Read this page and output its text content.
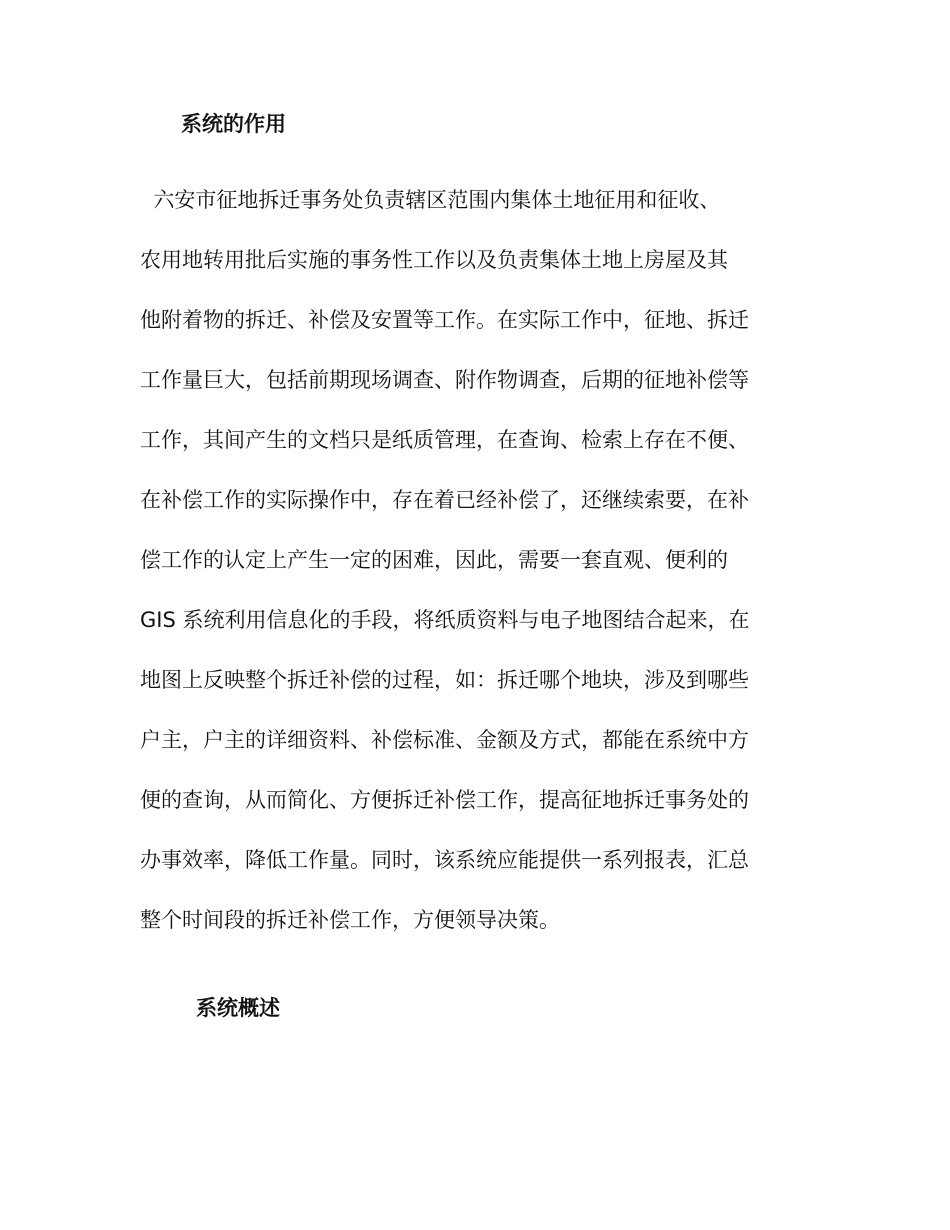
系统的作用
六安市征地拆迁事务处负责辖区范围内集体土地征用和征收、
农用地转用批后实施的事务性工作以及负责集体土地上房屋及其
他附着物的拆迁、补偿及安置等工作。在实际工作中，征地、拆迁
工作量巨大，包括前期现场调查、附作物调查，后期的征地补偿等
工作，其间产生的文档只是纸质管理，在查询、检索上存在不便、
在补偿工作的实际操作中，存在着已经补偿了，还继续索要，在补
偿工作的认定上产生一定的困难，因此，需要一套直观、便利的
GIS 系统利用信息化的手段，将纸质资料与电子地图结合起来，在
地图上反映整个拆迁补偿的过程，如：拆迁哪个地块，涉及到哪些
户主，户主的详细资料、补偿标准、金额及方式，都能在系统中方
便的查询，从而简化、方便拆迁补偿工作，提高征地拆迁事务处的
办事效率，降低工作量。同时，该系统应能提供一系列报表，汇总
整个时间段的拆迁补偿工作，方便领导决策。
系统概述
